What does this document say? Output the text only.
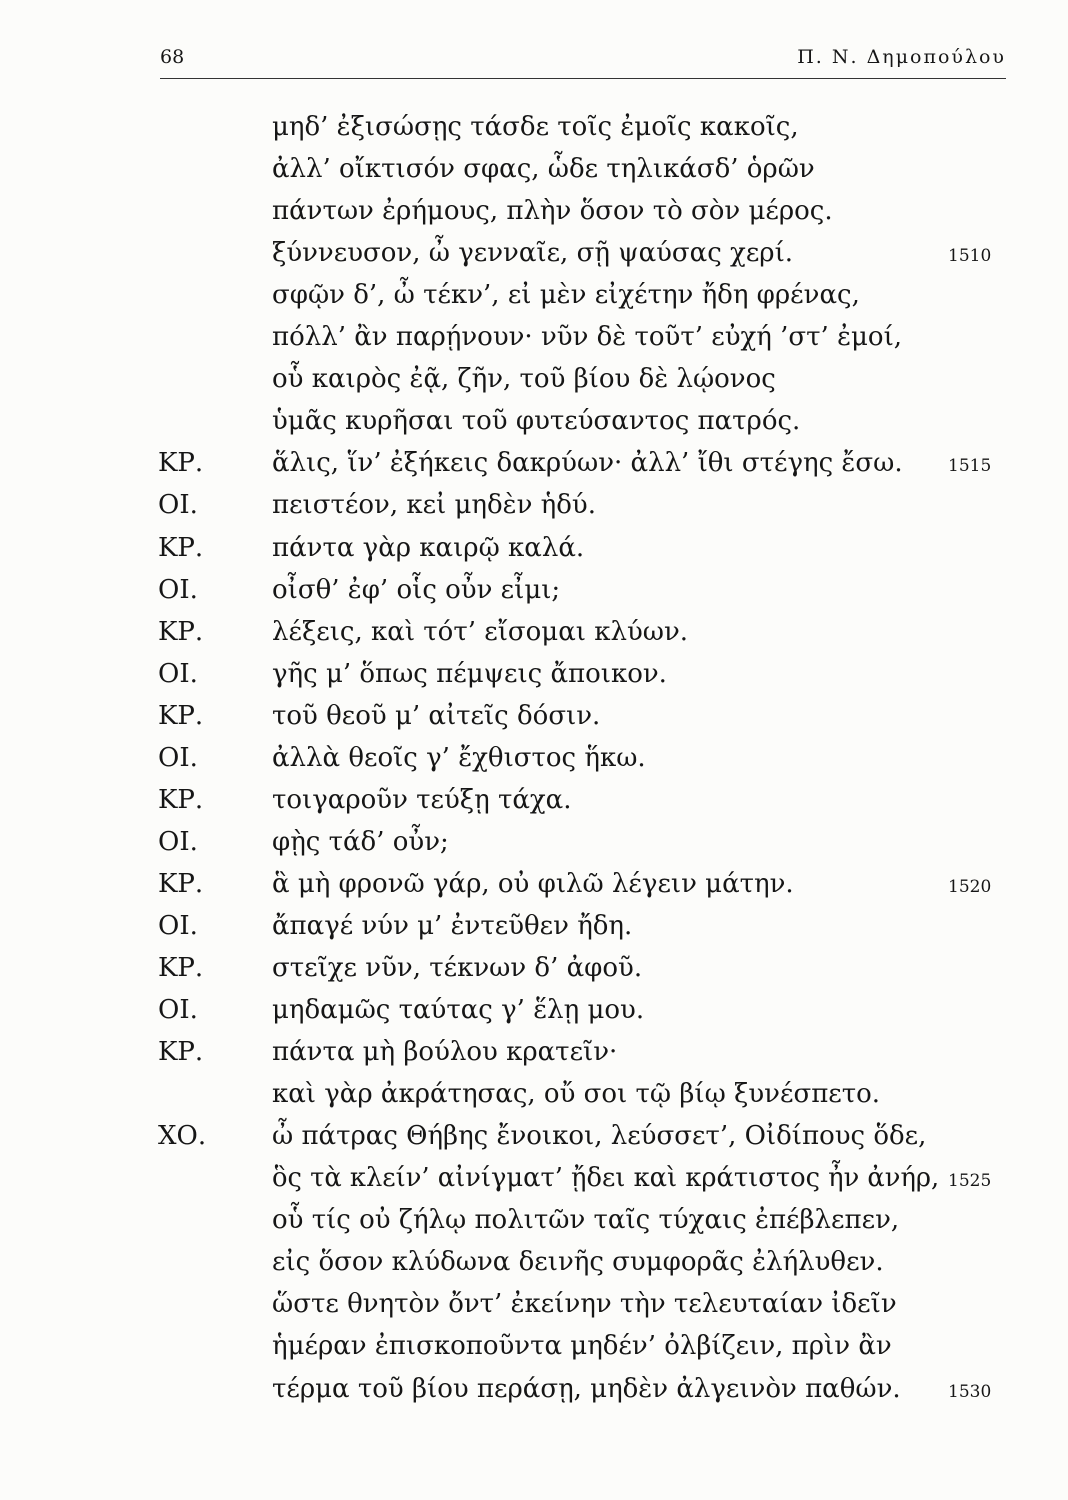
68	Π. Ν. Δημοπούλου
μηδ’ ἐξισώσῃς τάσδε τοῖς ἐμοῖς κακοῖς,
ἀλλ’ οἴκτισόν σφας, ὧδε τηλικάσδ’ ὁρῶν
πάντων ἐρήμους, πλὴν ὅσον τὸ σὸν μέρος.
ξύννευσον, ὦ γενναῖε, σῇ ψαύσας χερί.	1510
σφῷν δ’, ὦ τέκν’, εἰ μὲν εἰχέτην ἤδη φρένας,
πόλλ’ ἂν παρῄνουν· νῦν δὲ τοῦτ’ εὐχή ’στ’ ἐμοί,
οὗ καιρὸς ἐᾷ, ζῆν, τοῦ βίου δὲ λῴονος
ὑμᾶς κυρῆσαι τοῦ φυτεύσαντος πατρός.
ΚΡ.	ἅλις, ἵν’ ἐξήκεις δακρύων· ἀλλ’ ἴθι στέγης ἔσω.	1515
ΟΙ.	πειστέον, κεἰ μηδὲν ἡδύ.
ΚΡ.	πάντα γὰρ καιρῷ καλά.
ΟΙ.	οἶσθ’ ἐφ’ οἷς οὖν εἶμι;
ΚΡ.	λέξεις, καὶ τότ’ εἴσομαι κλύων.
ΟΙ.	γῆς μ’ ὅπως πέμψεις ἄποικον.
ΚΡ.	τοῦ θεοῦ μ’ αἰτεῖς δόσιν.
ΟΙ.	ἀλλὰ θεοῖς γ’ ἔχθιστος ἥκω.
ΚΡ.	τοιγαροῦν τεύξῃ τάχα.
ΟΙ.	φῂς τάδ’ οὖν;
ΚΡ.	ἃ μὴ φρονῶ γάρ, οὐ φιλῶ λέγειν μάτην.	1520
ΟΙ.	ἄπαγέ νύν μ’ ἐντεῦθεν ἤδη.
ΚΡ.	στεῖχε νῦν, τέκνων δ’ ἀφοῦ.
ΟΙ.	μηδαμῶς ταύτας γ’ ἕλῃ μου.
ΚΡ.	πάντα μὴ βούλου κρατεῖν·
καὶ γὰρ ἀκράτησας, οὔ σοι τῷ βίῳ ξυνέσπετο.
ΧΟ.	ὦ πάτρας Θήβης ἔνοικοι, λεύσσετ’, Οἰδίπους ὅδε,
ὃς τὰ κλείν’ αἰνίγματ’ ᾔδει καὶ κράτιστος ἦν ἀνήρ, 1525
οὗ τίς οὐ ζήλῳ πολιτῶν ταῖς τύχαις ἐπέβλεπεν,
εἰς ὅσον κλύδωνα δεινῆς συμφορᾶς ἐλήλυθεν.
ὥστε θνητὸν ὄντ’ ἐκείνην τὴν τελευταίαν ἰδεῖν
ἡμέραν ἐπισκοποῦντα μηδέν’ ὀλβίζειν, πρὶν ἂν
τέρμα τοῦ βίου περάσῃ, μηδὲν ἀλγεινὸν παθών.	1530
